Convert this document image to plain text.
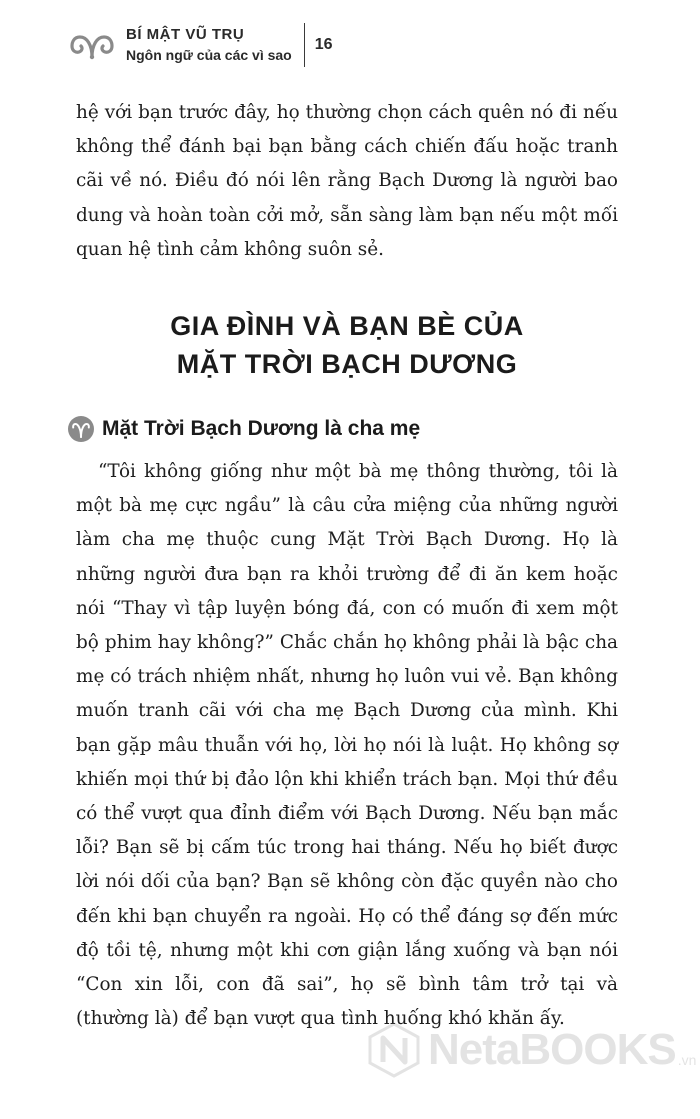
BÍ MẬT VŨ TRỤ
Ngôn ngữ của các vì sao
16

hệ với bạn trước đây, họ thường chọn cách quên nó đi nếu không thể đánh bại bạn bằng cách chiến đấu hoặc tranh cãi về nó. Điều đó nói lên rằng Bạch Dương là người bao dung và hoàn toàn cởi mở, sẵn sàng làm bạn nếu một mối quan hệ tình cảm không suôn sẻ.

GIA ĐÌNH VÀ BẠN BÈ CỦA
MẶT TRỜI BẠCH DƯƠNG
Mặt Trời Bạch Dương là cha mẹ

“Tôi không giống như một bà mẹ thông thường, tôi là một bà mẹ cực ngầu” là câu cửa miệng của những người làm cha mẹ thuộc cung Mặt Trời Bạch Dương. Họ là những người đưa bạn ra khỏi trường để đi ăn kem hoặc nói “Thay vì tập luyện bóng đá, con có muốn đi xem một bộ phim hay không?” Chắc chắn họ không phải là bậc cha mẹ có trách nhiệm nhất, nhưng họ luôn vui vẻ. Bạn không muốn tranh cãi với cha mẹ Bạch Dương của mình. Khi bạn gặp mâu thuẫn với họ, lời họ nói là luật. Họ không sợ khiến mọi thứ bị đảo lộn khi khiển trách bạn. Mọi thứ đều có thể vượt qua đỉnh điểm với Bạch Dương. Nếu bạn mắc lỗi? Bạn sẽ bị cấm túc trong hai tháng. Nếu họ biết được lời nói dối của bạn? Bạn sẽ không còn đặc quyền nào cho đến khi bạn chuyển ra ngoài. Họ có thể đáng sợ đến mức độ tồi tệ, nhưng một khi cơn giận lắng xuống và bạn nói “Con xin lỗi, con đã sai”, họ sẽ bình tâm trở tại và (thường là) để bạn vượt qua tình huống khó khăn ấy.

NetaBOOKS .vn
